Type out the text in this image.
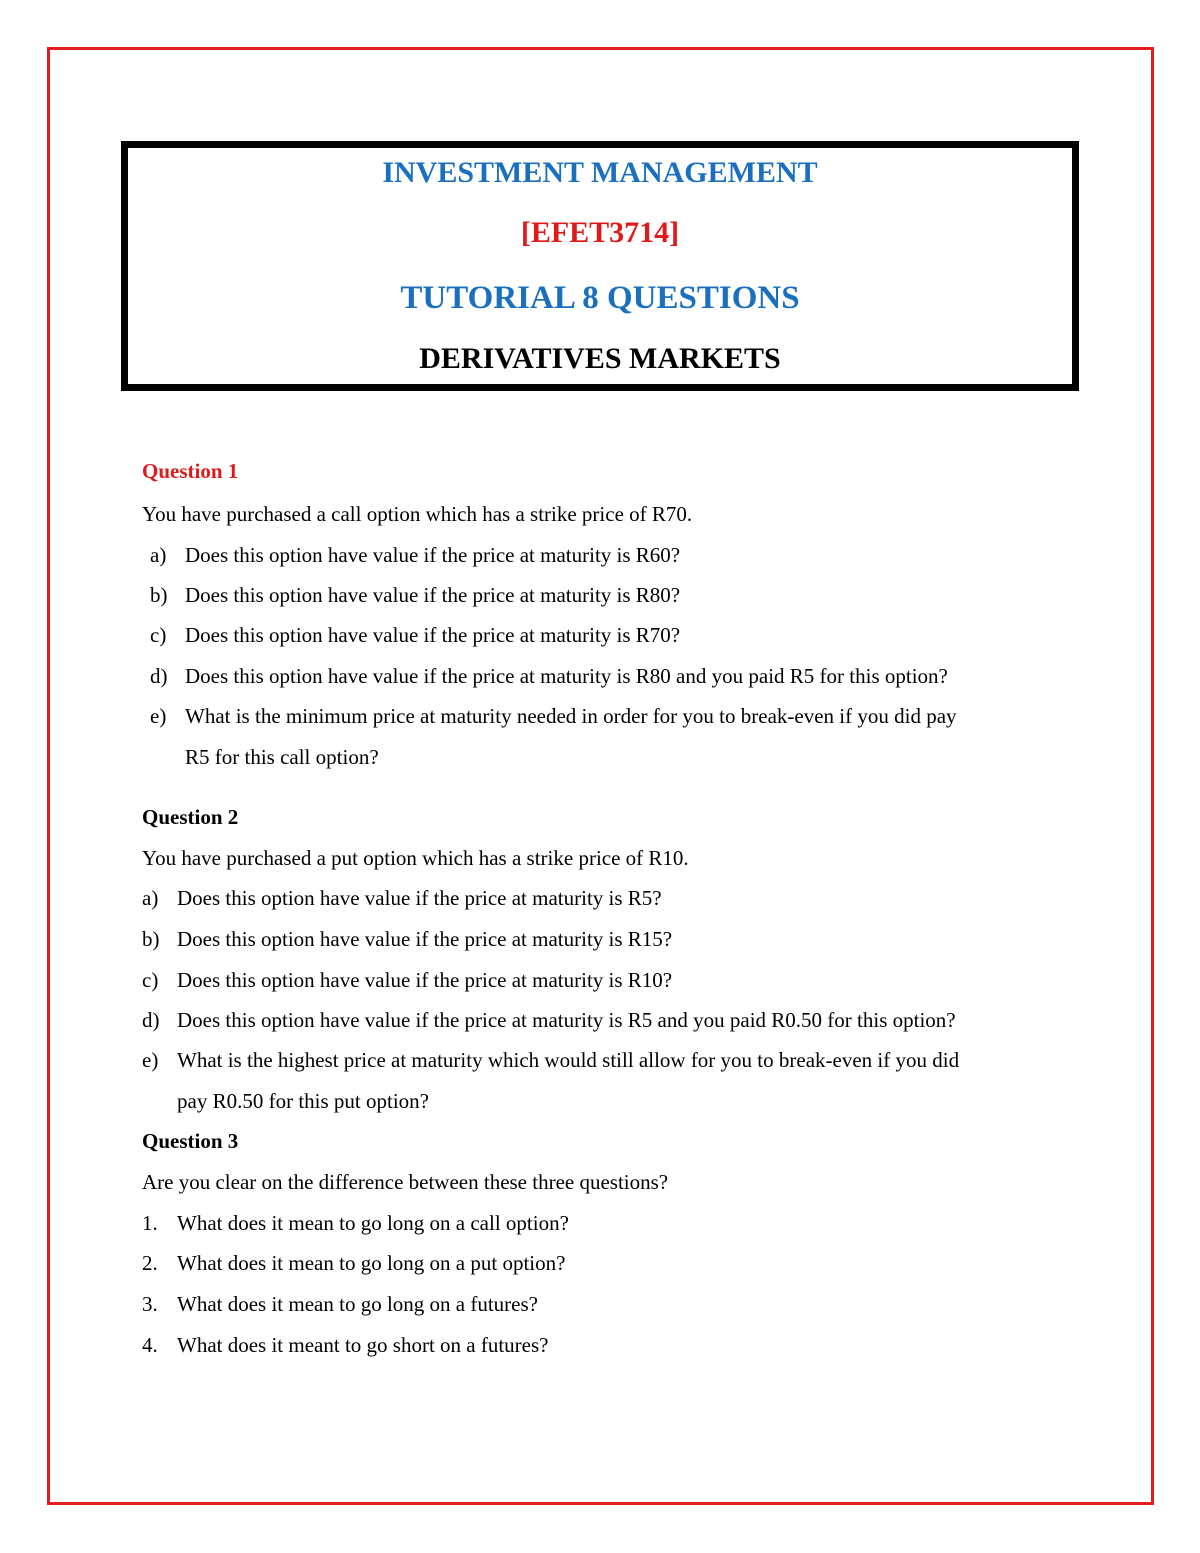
INVESTMENT MANAGEMENT
[EFET3714]
TUTORIAL 8 QUESTIONS
DERIVATIVES MARKETS
Question 1
You have purchased a call option which has a strike price of R70.
a) Does this option have value if the price at maturity is R60?
b) Does this option have value if the price at maturity is R80?
c) Does this option have value if the price at maturity is R70?
d) Does this option have value if the price at maturity is R80 and you paid R5 for this option?
e) What is the minimum price at maturity needed in order for you to break-even if you did pay
R5 for this call option?
Question 2
You have purchased a put option which has a strike price of R10.
a) Does this option have value if the price at maturity is R5?
b) Does this option have value if the price at maturity is R15?
c) Does this option have value if the price at maturity is R10?
d) Does this option have value if the price at maturity is R5 and you paid R0.50 for this option?
e) What is the highest price at maturity which would still allow for you to break-even if you did
pay R0.50 for this put option?
Question 3
Are you clear on the difference between these three questions?
1. What does it mean to go long on a call option?
2. What does it mean to go long on a put option?
3. What does it mean to go long on a futures?
4. What does it meant to go short on a futures?
